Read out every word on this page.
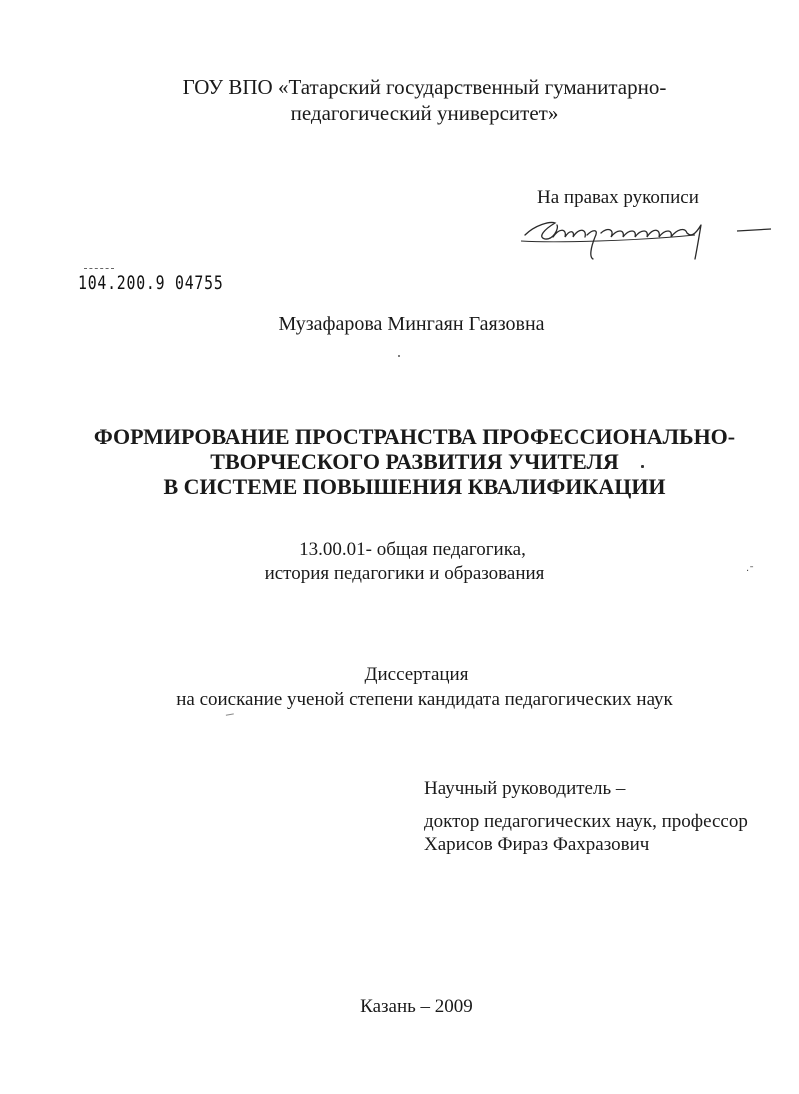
ГОУ ВПО «Татарский государственный гуманитарно-
педагогический университет»
На правах рукописи
104.200.9 04755
Музафарова Мингаян Гаязовна
ФОРМИРОВАНИЕ ПРОСТРАНСТВА ПРОФЕССИОНАЛЬНО-
ТВОРЧЕСКОГО РАЗВИТИЯ УЧИТЕЛЯ
В СИСТЕМЕ ПОВЫШЕНИЯ КВАЛИФИКАЦИИ
13.00.01- общая педагогика,
история педагогики и образования	·ˉ
Диссертация
на соискание ученой степени кандидата педагогических наук
Научный руководитель –
доктор педагогических наук, профессор
Харисов Фираз Фахразович
Казань – 2009
